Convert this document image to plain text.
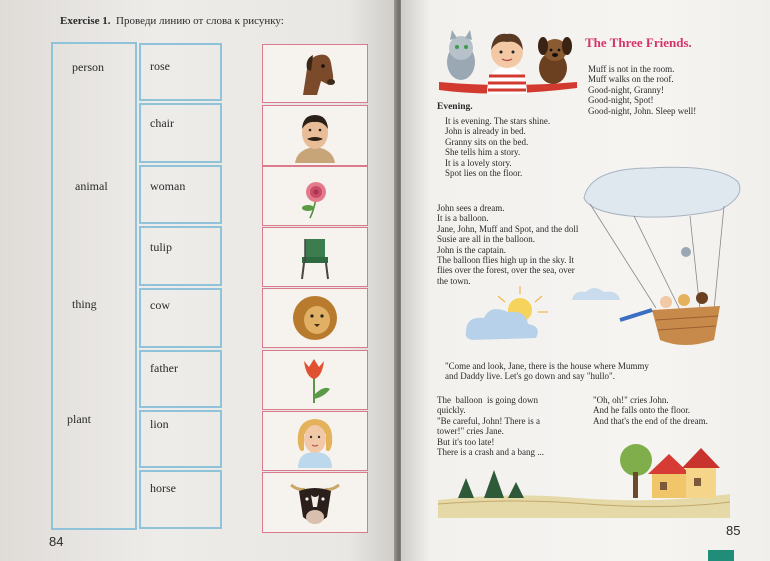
Exercise 1. Проведи линию от слова к рисунку:
person
animal
thing
plant
rose
chair
woman
tulip
cow
father
lion
horse
84
The Three Friends.
Muff is not in the room.
Muff walks on the roof.
Good-night, Granny!
Good-night, Spot!
Good-night, John. Sleep well!
Evening.
It is evening. The stars shine.
John is already in bed.
Granny sits on the bed.
She tells him a story.
It is a lovely story.
Spot lies on the floor.
John sees a dream.
It is a balloon.
Jane, John, Muff and Spot, and the doll
Susie are all in the balloon.
John is the captain.
The balloon flies high up in the sky. It
flies over the forest, over the sea, over
the town.
"Come and look, Jane, there is the house where Mummy
and Daddy live. Let's go down and say "hullo".
The  balloon  is going down
quickly.
"Be careful, John! There is a
tower!" cries Jane.
But it's too late!
There is a crash and a bang ...
"Oh, oh!" cries John.
And he falls onto the floor.
And that's the end of the dream.
85
